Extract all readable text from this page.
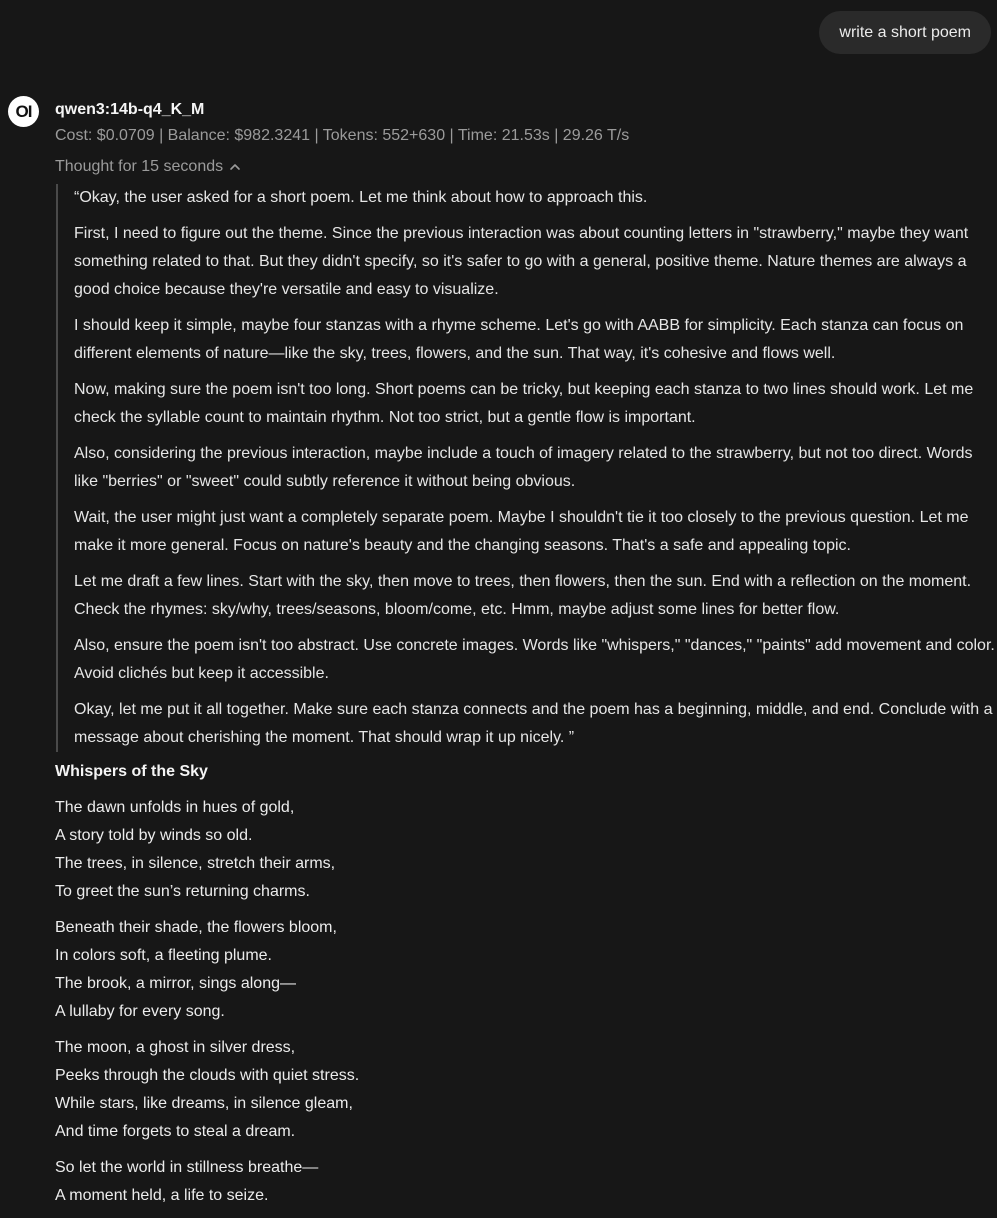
write a short poem
OI qwen3:14b-q4_K_M
Cost: $0.0709 | Balance: $982.3241 | Tokens: 552+630 | Time: 21.53s | 29.26 T/s
Thought for 15 seconds

“Okay, the user asked for a short poem. Let me think about how to approach this.

First, I need to figure out the theme. Since the previous interaction was about counting letters in "strawberry," maybe they want something related to that. But they didn't specify, so it's safer to go with a general, positive theme. Nature themes are always a good choice because they're versatile and easy to visualize.

I should keep it simple, maybe four stanzas with a rhyme scheme. Let's go with AABB for simplicity. Each stanza can focus on different elements of nature—like the sky, trees, flowers, and the sun. That way, it's cohesive and flows well.

Now, making sure the poem isn't too long. Short poems can be tricky, but keeping each stanza to two lines should work. Let me check the syllable count to maintain rhythm. Not too strict, but a gentle flow is important.

Also, considering the previous interaction, maybe include a touch of imagery related to the strawberry, but not too direct. Words like "berries" or "sweet" could subtly reference it without being obvious.

Wait, the user might just want a completely separate poem. Maybe I shouldn't tie it too closely to the previous question. Let me make it more general. Focus on nature's beauty and the changing seasons. That's a safe and appealing topic.

Let me draft a few lines. Start with the sky, then move to trees, then flowers, then the sun. End with a reflection on the moment. Check the rhymes: sky/why, trees/seasons, bloom/come, etc. Hmm, maybe adjust some lines for better flow.

Also, ensure the poem isn't too abstract. Use concrete images. Words like "whispers," "dances," "paints" add movement and color. Avoid clichés but keep it accessible.

Okay, let me put it all together. Make sure each stanza connects and the poem has a beginning, middle, and end. Conclude with a message about cherishing the moment. That should wrap it up nicely. ”

Whispers of the Sky
The dawn unfolds in hues of gold,
A story told by winds so old.
The trees, in silence, stretch their arms,
To greet the sun’s returning charms.
Beneath their shade, the flowers bloom,
In colors soft, a fleeting plume.
The brook, a mirror, sings along—
A lullaby for every song.
The moon, a ghost in silver dress,
Peeks through the clouds with quiet stress.
While stars, like dreams, in silence gleam,
And time forgets to steal a dream.
So let the world in stillness breathe—
A moment held, a life to seize.
